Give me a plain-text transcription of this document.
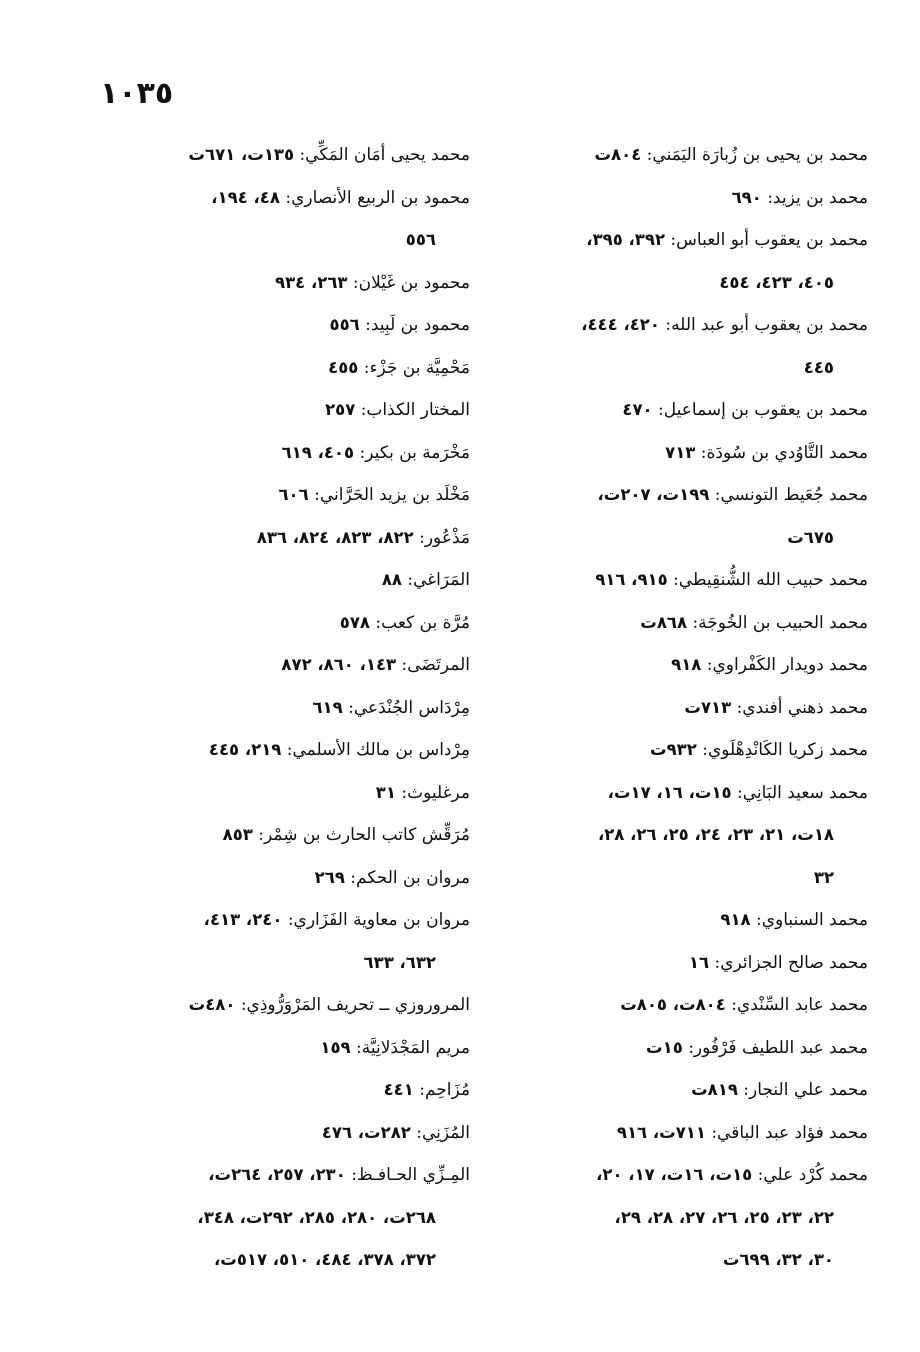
١٠٣٥
محمد بن يحيى بن زُبارَة اليَمَني: ٨٠٤ت
محمد بن يزيد: ٦٩٠
محمد بن يعقوب أبو العباس: ٣٩٢، ٣٩٥،
٤٠٥، ٤٢٣، ٤٥٤
محمد بن يعقوب أبو عبد الله: ٤٢٠، ٤٤٤،
٤٤٥
محمد بن يعقوب بن إسماعيل: ٤٧٠
محمد التَّاوُدي بن سُودَة: ٧١٣
محمد جُعَيط التونسي: ١٩٩ت، ٢٠٧ت،
٦٧٥ت
محمد حبيب الله الشُّنقِيطي: ٩١٥، ٩١٦
محمد الحبيب بن الخُوجَة: ٨٦٨ت
محمد دويدار الكَفْراوي: ٩١٨
محمد ذهني أفندي: ٧١٣ت
محمد زكريا الكَانْدِهْلَوي: ٩٣٢ت
محمد سعيد البَانِي: ١٥ت، ١٦، ١٧ت،
١٨ت، ٢١، ٢٣، ٢٤، ٢٥، ٢٦، ٢٨،
٣٢
محمد السنباوي: ٩١٨
محمد صالح الجزائري: ١٦
محمد عابد السِّنْدي: ٨٠٤ت، ٨٠٥ت
محمد عبد اللطيف فَرْفُور: ١٥ت
محمد علي النجار: ٨١٩ت
محمد فؤاد عبد الباقي: ٧١١ت، ٩١٦
محمد كُرْد علي: ١٥ت، ١٦ت، ١٧، ٢٠،
٢٢، ٢٣، ٢٥، ٢٦، ٢٧، ٢٨، ٢٩،
٣٠، ٣٢، ٦٩٩ت
محمد يحيى أمَان المَكِّي: ١٣٥ت، ٦٧١ت
محمود بن الربيع الأنصاري: ٤٨، ١٩٤،
٥٥٦
محمود بن غَيْلان: ٢٦٣، ٩٣٤
محمود بن لَبِيد: ٥٥٦
مَحْمِيَّة بن جَزْء: ٤٥٥
المختار الكذاب: ٢٥٧
مَخْرَمة بن بكير: ٤٠٥، ٦١٩
مَخْلَد بن يزيد الحَرَّاني: ٦٠٦
مَذْعُور: ٨٢٢، ٨٢٣، ٨٢٤، ٨٣٦
المَرَاغي: ٨٨
مُرَّة بن كعب: ٥٧٨
المرتَضَى: ١٤٣، ٨٦٠، ٨٧٢
مِرْدَاس الجُنْدَعي: ٦١٩
مِرْداس بن مالك الأسلمي: ٢١٩، ٤٤٥
مرغليوث: ٣١
مُرَقِّش كاتب الحارث بن شِمْر: ٨٥٣
مروان بن الحكم: ٢٦٩
مروان بن معاوية الفَزَاري: ٢٤٠، ٤١٣،
٦٣٢، ٦٣٣
المروروزي ــ تحريف المَرْوَرُّوذِي: ٤٨٠ت
مريم المَجْدَلانِيَّة: ١٥٩
مُزَاحِم: ٤٤١
المُزَنِي: ٢٨٢ت، ٤٧٦
المِـزِّي الحـافـظ: ٢٣٠، ٢٥٧، ٢٦٤ت،
٢٦٨ت، ٢٨٠، ٢٨٥، ٢٩٢ت، ٣٤٨،
٣٧٢، ٣٧٨، ٤٨٤، ٥١٠، ٥١٧ت،
